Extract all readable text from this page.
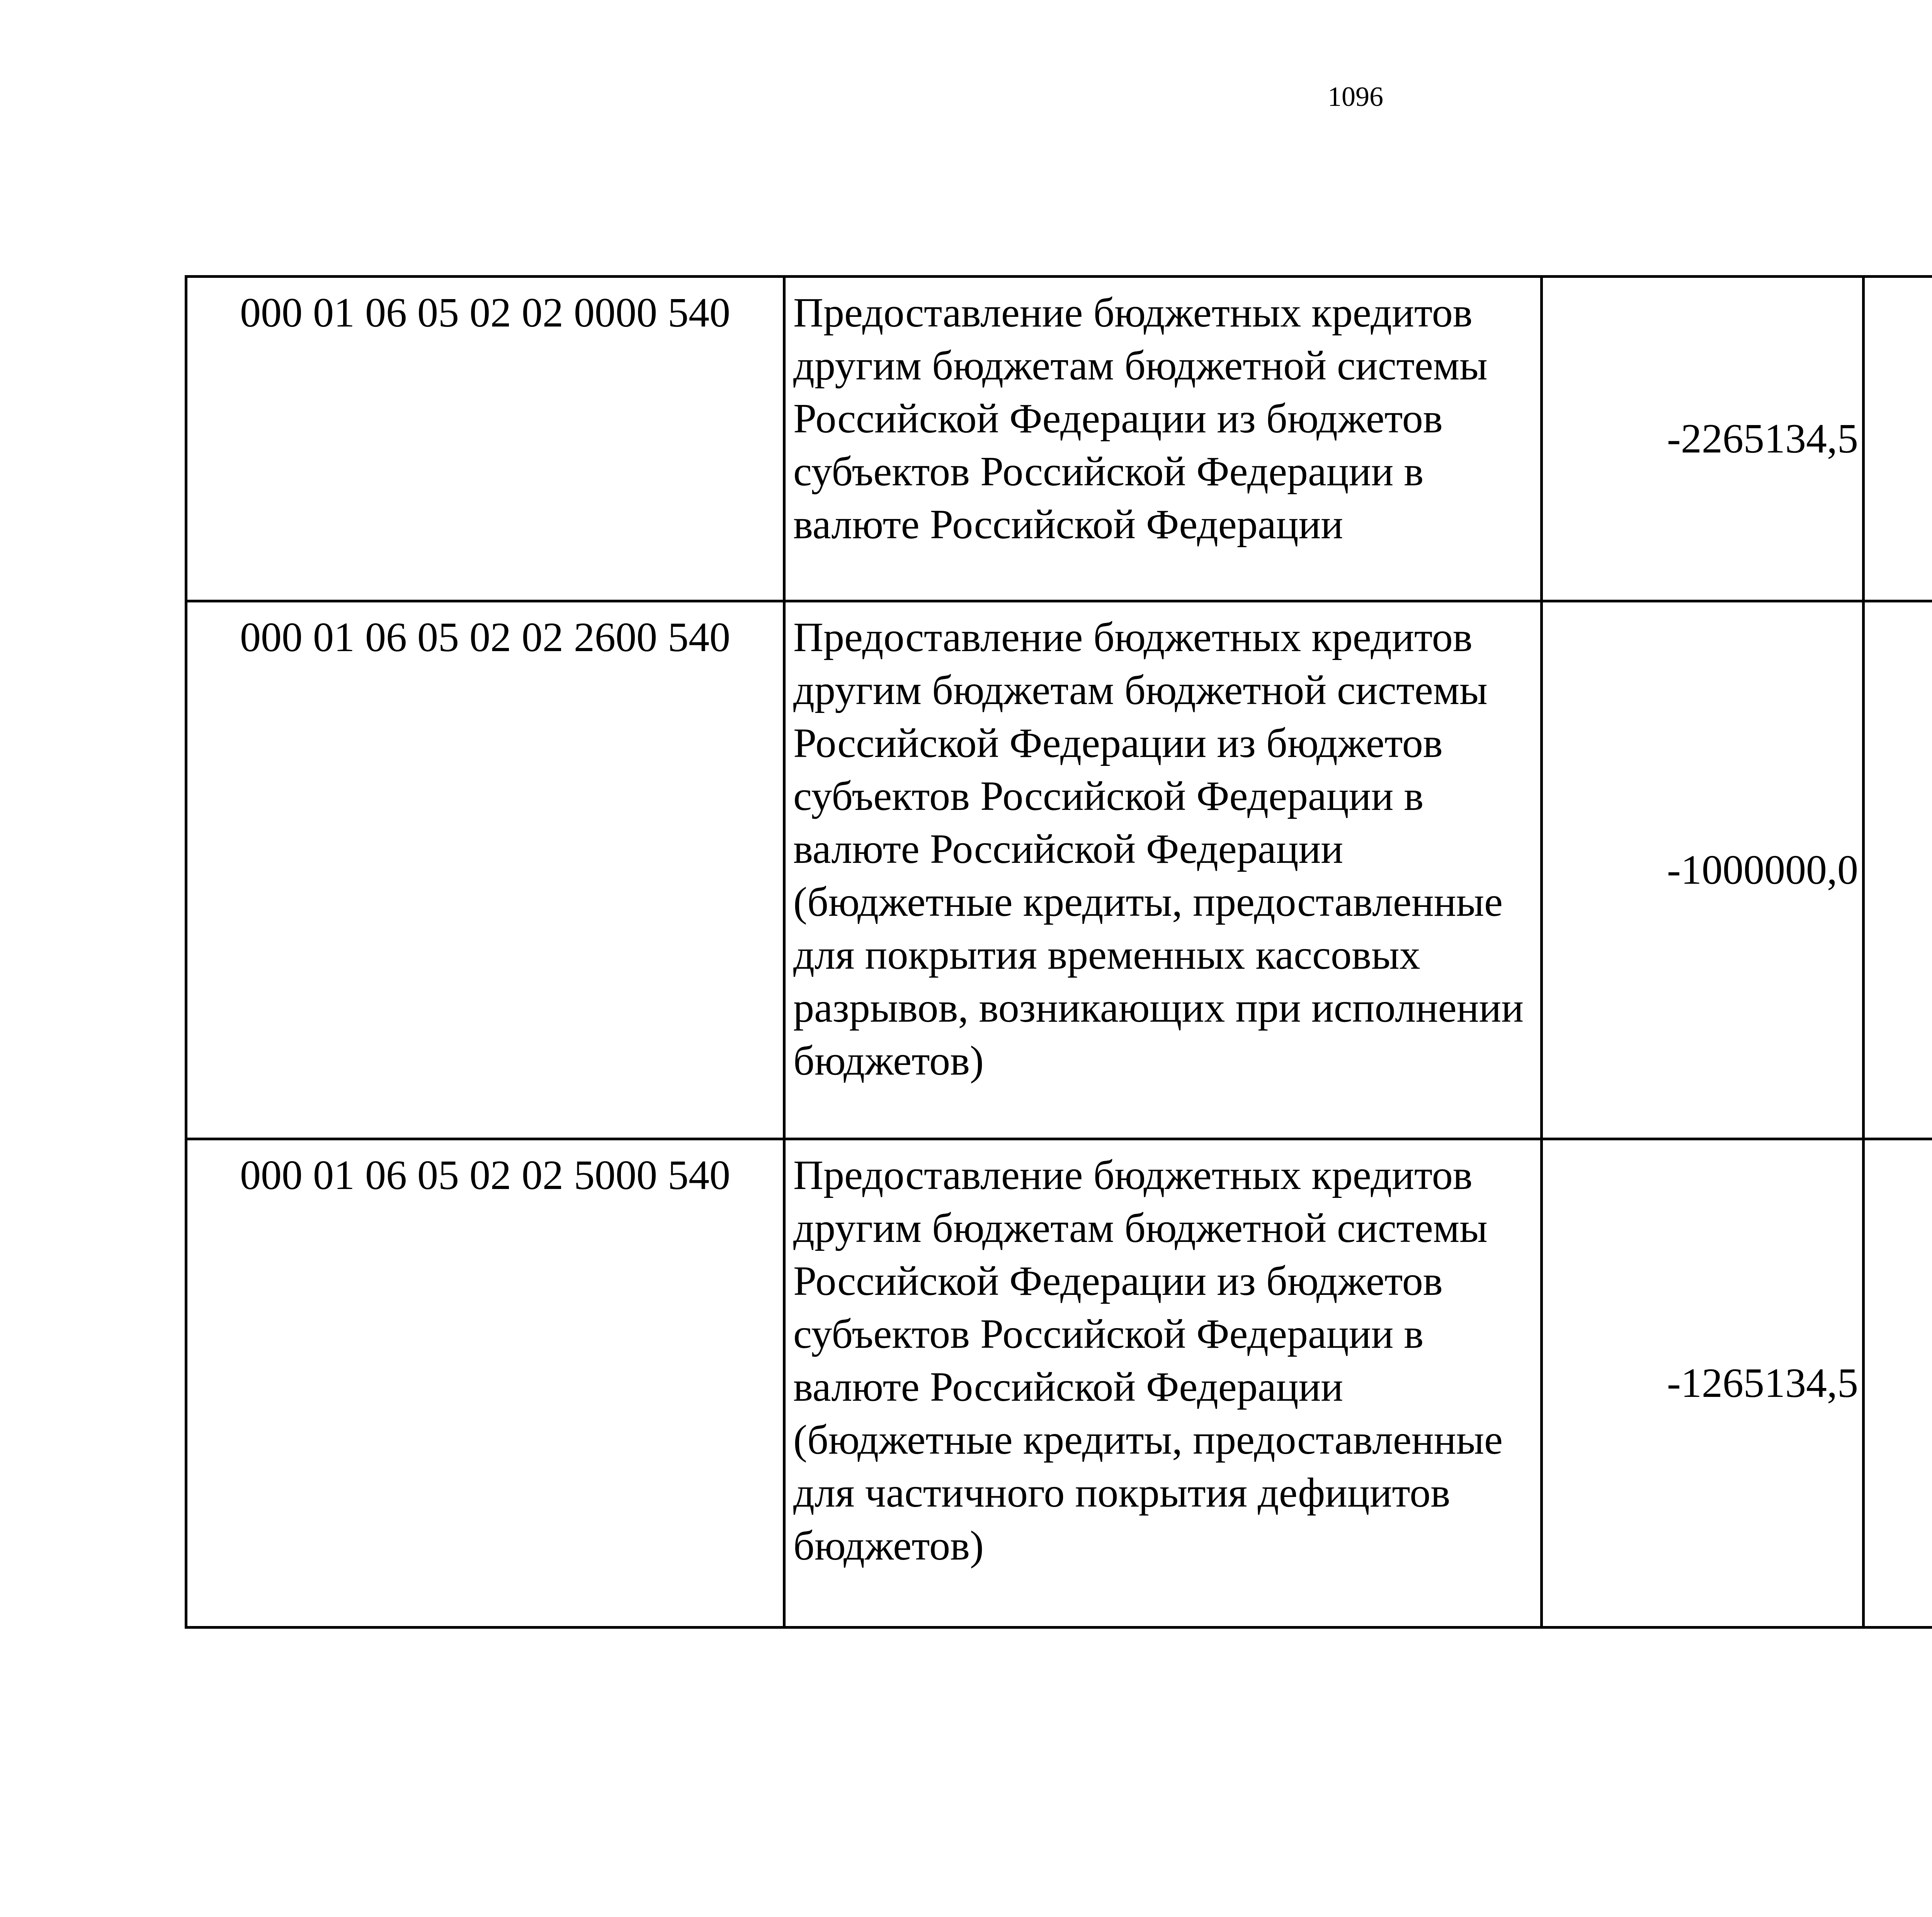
1096
000 01 06 05 02 02 0000 540	Предоставление бюджетных кредитов другим бюджетам бюджетной системы Российской Федерации из бюджетов субъектов Российской Федерации в валюте Российской Федерации	-2265134,5		
000 01 06 05 02 02 2600 540	Предоставление бюджетных кредитов другим бюджетам бюджетной системы Российской Федерации из бюджетов субъектов Российской Федерации в валюте Российской Федерации (бюджетные кредиты, предоставленные для покрытия временных кассовых разрывов, возникающих при исполнении бюджетов)	-1000000,0		
000 01 06 05 02 02 5000 540	Предоставление бюджетных кредитов другим бюджетам бюджетной системы Российской Федерации из бюджетов субъектов Российской Федерации в валюте Российской Федерации (бюджетные кредиты, предоставленные для частичного покрытия дефицитов бюджетов)	-1265134,5		
